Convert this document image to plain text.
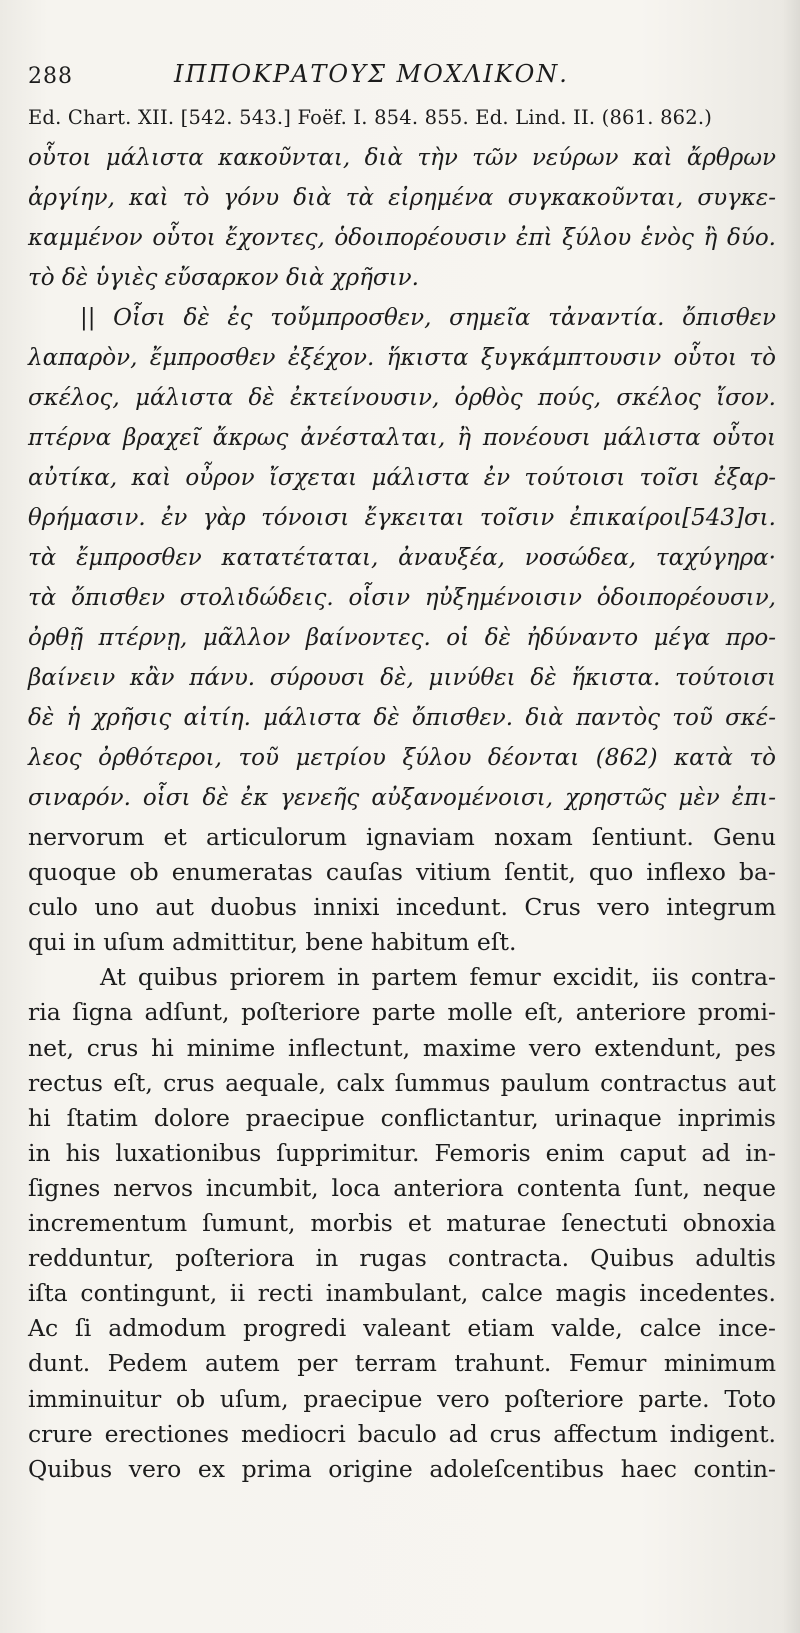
288	ΙΠΠΟΚΡΑΤΟΥΣ ΜΟΧΛΙΚΟΝ.
Ed. Chart. XII. [542. 543.] Foëf. I. 854. 855. Ed. Lind. II. (861. 862.)
οὗτοι μάλιστα κακοῦνται, διὰ τὴν τῶν νεύρων καὶ ἄρθρων
ἀργίην, καὶ τὸ γόνυ διὰ τὰ εἰρημένα συγκακοῦνται, συγκε-
καμμένον οὗτοι ἔχοντες, ὁδοιπορέουσιν ἐπὶ ξύλου ἑνὸς ἢ δύο.
τὸ δὲ ὑγιὲς εὔσαρκον διὰ χρῆσιν.
|| Οἷσι δὲ ἐς τοὔμπροσθεν, σημεῖα τἀναντία. ὄπισθεν
λαπαρὸν, ἔμπροσθεν ἐξέχον. ἥκιστα ξυγκάμπτουσιν οὗτοι τὸ
σκέλος, μάλιστα δὲ ἐκτείνουσιν, ὀρθὸς πούς, σκέλος ἴσον.
πτέρνα βραχεῖ ἄκρως ἀνέσταλται, ἢ πονέουσι μάλιστα οὗτοι
αὐτίκα, καὶ οὖρον ἴσχεται μάλιστα ἐν τούτοισι τοῖσι ἐξαρ-
θρήμασιν. ἐν γὰρ τόνοισι ἔγκειται τοῖσιν ἐπικαίροι[543]σι.
τὰ ἔμπροσθεν κατατέταται, ἀναυξέα, νοσώδεα, ταχύγηρα·
τὰ ὄπισθεν στολιδώδεις. οἷσιν ηὐξημένοισιν ὁδοιπορέουσιν,
ὀρθῇ πτέρνῃ, μᾶλλον βαίνοντες. οἱ δὲ ἠδύναντο μέγα προ-
βαίνειν κἂν πάνυ. σύρουσι δὲ, μινύθει δὲ ἥκιστα. τούτοισι
δὲ ἡ χρῆσις αἰτίη. μάλιστα δὲ ὄπισθεν. διὰ παντὸς τοῦ σκέ-
λεος ὀρθότεροι, τοῦ μετρίου ξύλου δέονται (862) κατὰ τὸ
σιναρόν. οἷσι δὲ ἐκ γενεῆς αὐξανομένοισι, χρηστῶς μὲν ἐπι-
nervorum et articulorum ignaviam noxam ſentiunt. Genu
quoque ob enumeratas cauſas vitium ſentit, quo inflexo ba-
culo uno aut duobus innixi incedunt. Crus vero integrum
qui in uſum admittitur, bene habitum eſt.
At quibus priorem in partem femur excidit, iis contra-
ria ſigna adſunt, poſteriore parte molle eſt, anteriore promi-
net, crus hi minime inflectunt, maxime vero extendunt, pes
rectus eſt, crus aequale, calx ſummus paulum contractus aut
hi ſtatim dolore praecipue conflictantur, urinaque inprimis
in his luxationibus ſupprimitur. Femoris enim caput ad in-
ſignes nervos incumbit, loca anteriora contenta ſunt, neque
incrementum ſumunt, morbis et maturae ſenectuti obnoxia
redduntur, poſteriora in rugas contracta. Quibus adultis
iſta contingunt, ii recti inambulant, calce magis incedentes.
Ac ſi admodum progredi valeant etiam valde, calce ince-
dunt. Pedem autem per terram trahunt. Femur minimum
imminuitur ob uſum, praecipue vero poſteriore parte. Toto
crure erectiones mediocri baculo ad crus affectum indigent.
Quibus vero ex prima origine adoleſcentibus haec contin-
